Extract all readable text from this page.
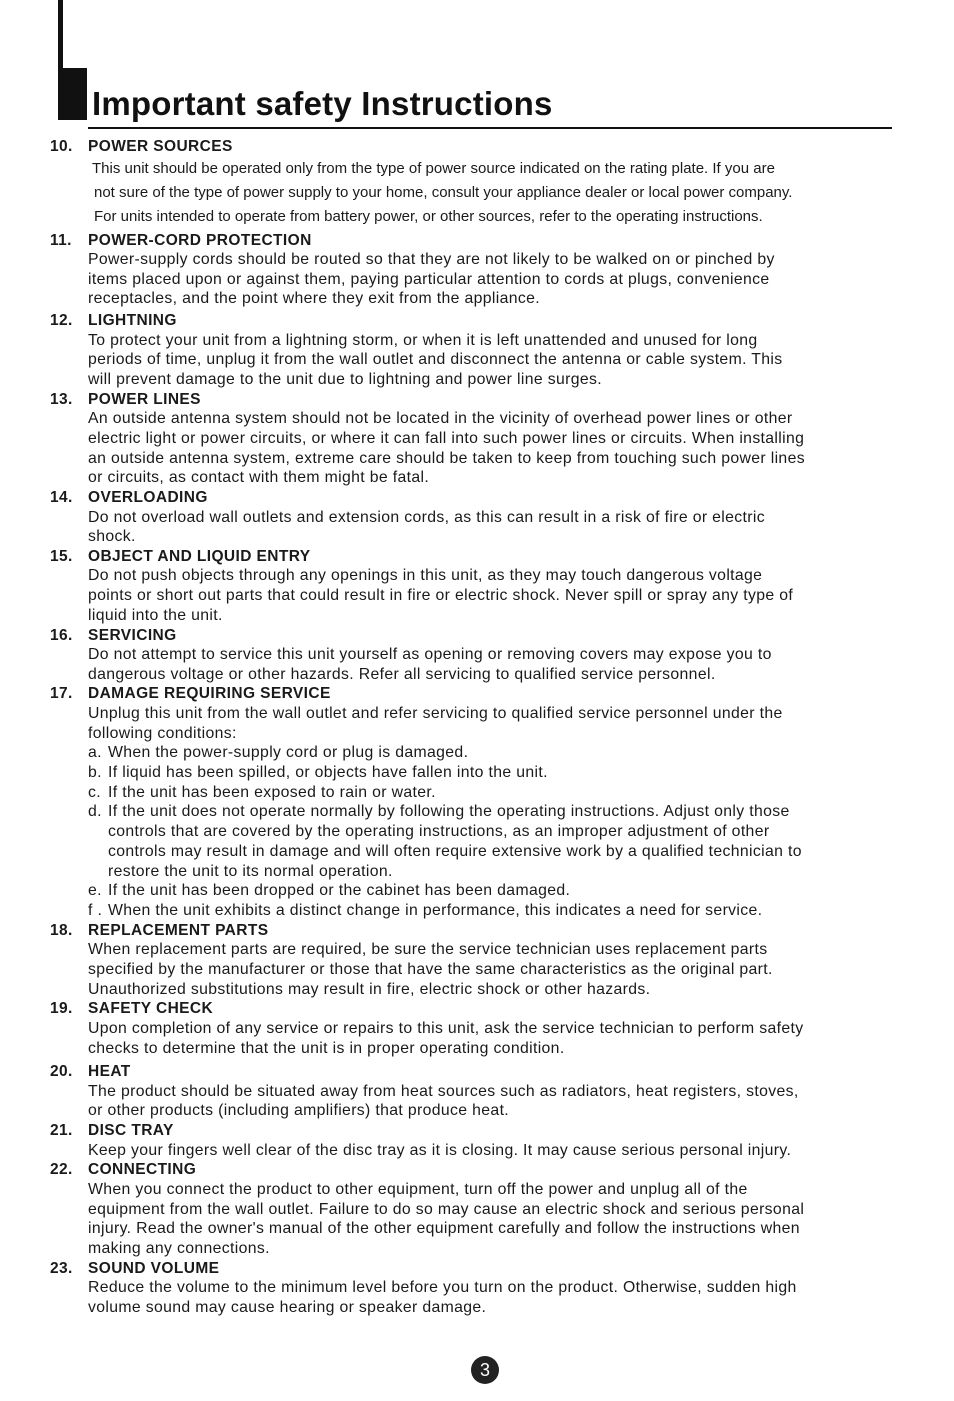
Important safety Instructions
10. POWER SOURCES
This unit should be operated only from the type of power source indicated on the rating plate. If you are
not sure of the type of power supply to your home, consult your appliance dealer or local power company.
For units intended to operate from battery power, or other sources, refer to the operating instructions.
11. POWER-CORD PROTECTION
Power-supply cords should be routed so that they are not likely to be walked on or pinched by
items placed upon or against them, paying particular attention to cords at plugs, convenience
receptacles, and the point where they exit from the appliance.
12. LIGHTNING
To protect your unit from a lightning storm, or when it is left unattended and unused for long
periods of time, unplug it from the wall outlet and disconnect the antenna or cable system. This
will prevent damage to the unit due to lightning and power line surges.
13. POWER LINES
An outside antenna system should not be located in the vicinity of overhead power lines or other
electric light or power circuits, or where it can fall into such power lines or circuits. When installing
an outside antenna system, extreme care should be taken to keep from touching such power lines
or circuits, as contact with them might be fatal.
14. OVERLOADING
Do not overload wall outlets and extension cords, as this can result in a risk of fire or electric
shock.
15. OBJECT AND LIQUID ENTRY
Do not push objects through any openings in this unit, as they may touch dangerous voltage
points or short out parts that could result in fire or electric shock. Never spill or spray any type of
liquid into the unit.
16. SERVICING
Do not attempt to service this unit yourself as opening or removing covers may expose you to
dangerous voltage or other hazards. Refer all servicing to qualified service personnel.
17. DAMAGE REQUIRING SERVICE
Unplug this unit from the wall outlet and refer servicing to qualified service personnel under the
following conditions:
a. When the power-supply cord or plug is damaged.
b. If liquid has been spilled, or objects have fallen into the unit.
c. If the unit has been exposed to rain or water.
d. If the unit does not operate normally by following the operating instructions. Adjust only those
controls that are covered by the operating instructions, as an improper adjustment of other
controls may result in damage and will often require extensive work by a qualified technician to
restore the unit to its normal operation.
e. If the unit has been dropped or the cabinet has been damaged.
f . When the unit exhibits a distinct change in performance, this indicates a need for service.
18. REPLACEMENT PARTS
When replacement parts are required, be sure the service technician uses replacement parts
specified by the manufacturer or those that have the same characteristics as the original part.
Unauthorized substitutions may result in fire, electric shock or other hazards.
19. SAFETY CHECK
Upon completion of any service or repairs to this unit, ask the service technician to perform safety
checks to determine that the unit is in proper operating condition.
20. HEAT
The product should be situated away from heat sources such as radiators, heat registers, stoves,
or other products (including amplifiers) that produce heat.
21. DISC TRAY
Keep your fingers well clear of the disc tray as it is closing. It may cause serious personal injury.
22. CONNECTING
When you connect the product to other equipment, turn off the power and unplug all of the
equipment from the wall outlet. Failure to do so may cause an electric shock and serious personal
injury. Read the owner's manual of the other equipment carefully and follow the instructions when
making any connections.
23. SOUND VOLUME
Reduce the volume to the minimum level before you turn on the product. Otherwise, sudden high
volume sound may cause hearing or speaker damage.
3
